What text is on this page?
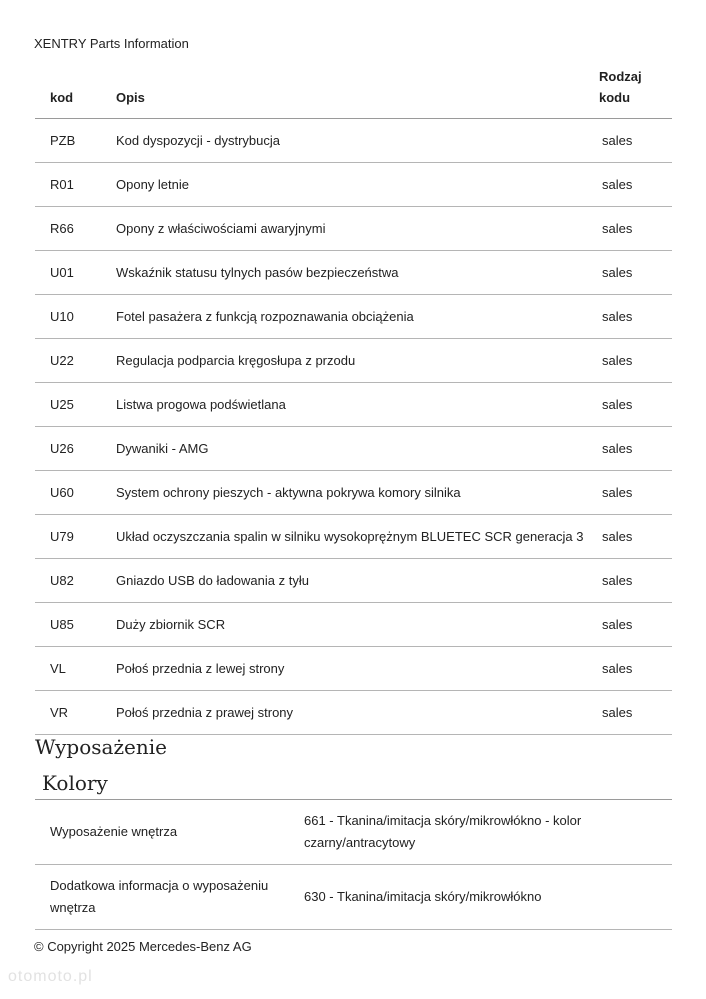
XENTRY Parts Information
kod	Opis	Rodzaj
kodu
PZB	Kod dyspozycji - dystrybucja	sales
R01	Opony letnie	sales
R66	Opony z właściwościami awaryjnymi	sales
U01	Wskaźnik statusu tylnych pasów bezpieczeństwa	sales
U10	Fotel pasażera z funkcją rozpoznawania obciążenia	sales
U22	Regulacja podparcia kręgosłupa z przodu	sales
U25	Listwa progowa podświetlana	sales
U26	Dywaniki - AMG	sales
U60	System ochrony pieszych - aktywna pokrywa komory silnika	sales
U79	Układ oczyszczania spalin w silniku wysokoprężnym BLUETEC SCR generacja 3	sales
U82	Gniazdo USB do ładowania z tyłu	sales
U85	Duży zbiornik SCR	sales
VL	Połoś przednia z lewej strony	sales
VR	Połoś przednia z prawej strony	sales
Wyposażenie
Kolory
Wyposażenie wnętrza	661 - Tkanina/imitacja skóry/mikrowłókno - kolor czarny/antracytowy
Dodatkowa informacja o wyposażeniu wnętrza	630 - Tkanina/imitacja skóry/mikrowłókno
© Copyright 2025 Mercedes-Benz AG
otomoto.pl
